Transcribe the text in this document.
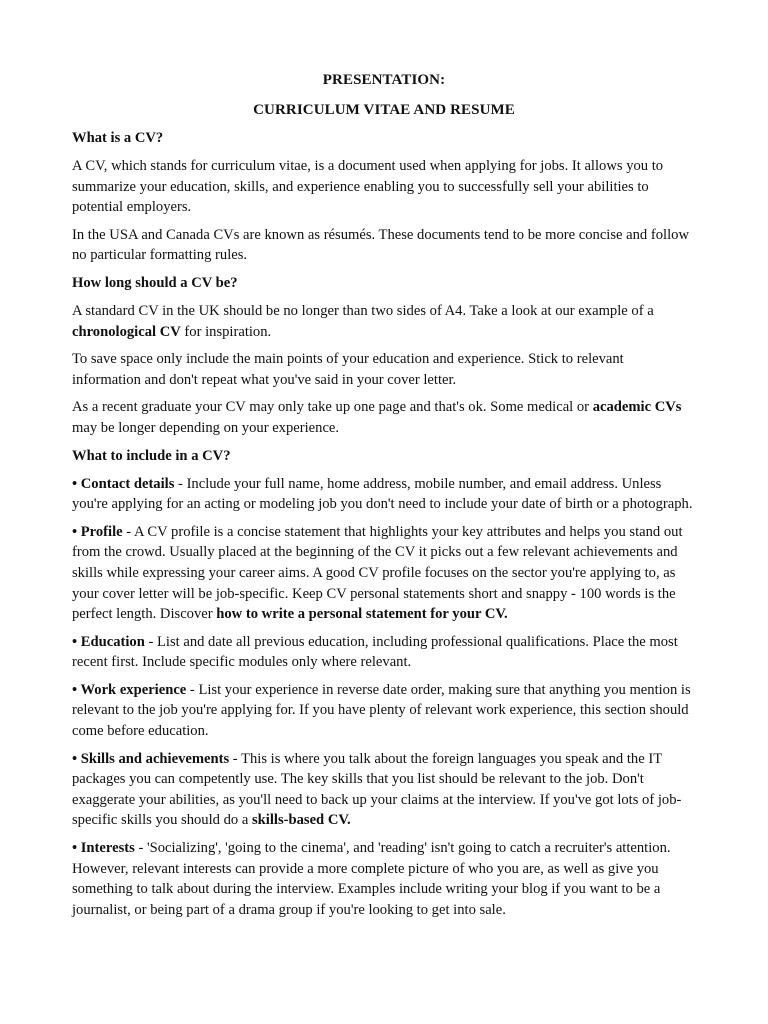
PRESENTATION:
CURRICULUM VITAE AND RESUME
What is a CV?

A CV, which stands for curriculum vitae, is a document used when applying for jobs. It allows you to summarize your education, skills, and experience enabling you to successfully sell your abilities to potential employers.

In the USA and Canada CVs are known as résumés. These documents tend to be more concise and follow no particular formatting rules.

How long should a CV be?

A standard CV in the UK should be no longer than two sides of A4. Take a look at our example of a chronological CV for inspiration.

To save space only include the main points of your education and experience. Stick to relevant information and don't repeat what you've said in your cover letter.

As a recent graduate your CV may only take up one page and that's ok. Some medical or academic CVs may be longer depending on your experience.

What to include in a CV?

• Contact details - Include your full name, home address, mobile number, and email address. Unless you're applying for an acting or modeling job you don't need to include your date of birth or a photograph.

• Profile - A CV profile is a concise statement that highlights your key attributes and helps you stand out from the crowd. Usually placed at the beginning of the CV it picks out a few relevant achievements and skills while expressing your career aims. A good CV profile focuses on the sector you're applying to, as your cover letter will be job-specific. Keep CV personal statements short and snappy - 100 words is the perfect length. Discover how to write a personal statement for your CV.

• Education - List and date all previous education, including professional qualifications. Place the most recent first. Include specific modules only where relevant.

• Work experience - List your experience in reverse date order, making sure that anything you mention is relevant to the job you're applying for. If you have plenty of relevant work experience, this section should come before education.

• Skills and achievements - This is where you talk about the foreign languages you speak and the IT packages you can competently use. The key skills that you list should be relevant to the job. Don't exaggerate your abilities, as you'll need to back up your claims at the interview. If you've got lots of job-specific skills you should do a skills-based CV.

• Interests - 'Socializing', 'going to the cinema', and 'reading' isn't going to catch a recruiter's attention. However, relevant interests can provide a more complete picture of who you are, as well as give you something to talk about during the interview. Examples include writing your blog if you want to be a journalist, or being part of a drama group if you're looking to get into sale.
